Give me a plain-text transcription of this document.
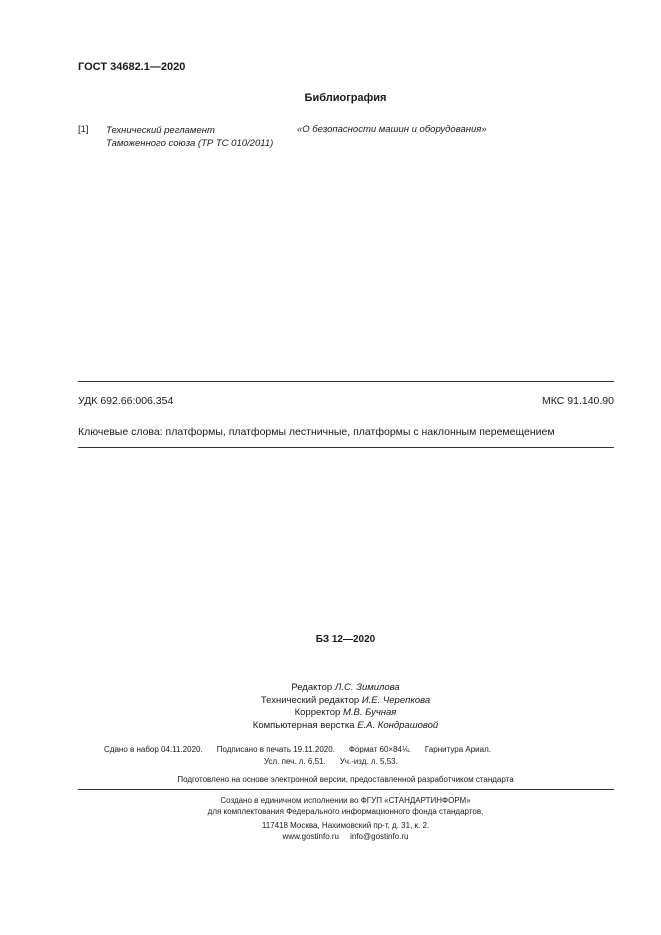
ГОСТ 34682.1—2020
Библиография
[1] Технический регламент
Таможенного союза (ТР ТС 010/2011)
«О безопасности машин и оборудования»
УДК 692.66:006.354	МКС 91.140.90
Ключевые слова: платформы, платформы лестничные, платформы с наклонным перемещением
БЗ 12—2020
Редактор Л.С. Зимилова
Технический редактор И.Е. Черепкова
Корректор М.В. Бучная
Компьютерная верстка Е.А. Кондрашовой
Сдано в набор 04.11.2020. Подписано в печать 19.11.2020. Формат 60×84⅛. Гарнитура Ариал.
Усл. печ. л. 6,51. Уч.-изд. л. 5,53.
Подготовлено на основе электронной версии, предоставленной разработчиком стандарта
Создано в единичном исполнении во ФГУП «СТАНДАРТИНФОРМ»
для комплектования Федерального информационного фонда стандартов,
117418 Москва, Нахимовский пр-т, д. 31, к. 2.
www.gostinfo.ru     info@gostinfo.ru
